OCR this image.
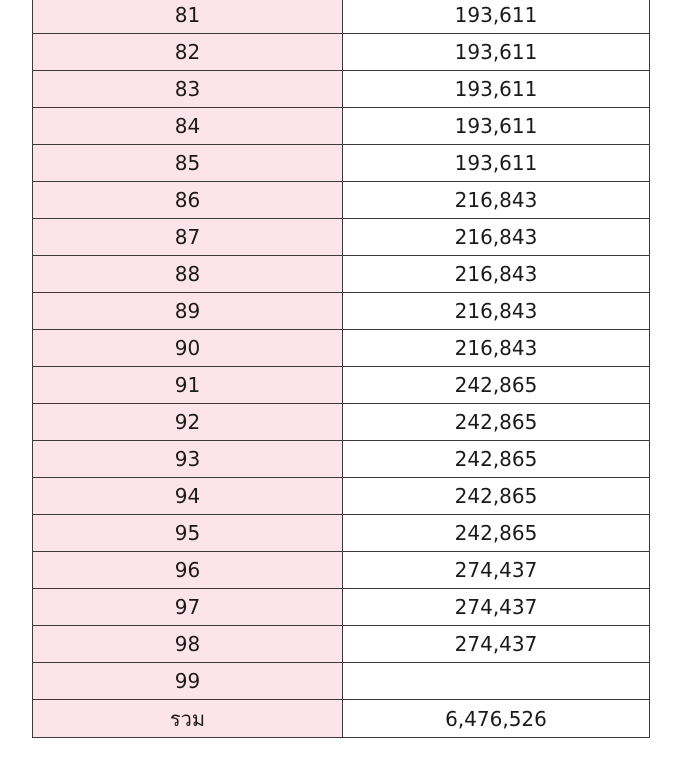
81	193,611
82	193,611
83	193,611
84	193,611
85	193,611
86	216,843
87	216,843
88	216,843
89	216,843
90	216,843
91	242,865
92	242,865
93	242,865
94	242,865
95	242,865
96	274,437
97	274,437
98	274,437
99	
รวม	6,476,526
